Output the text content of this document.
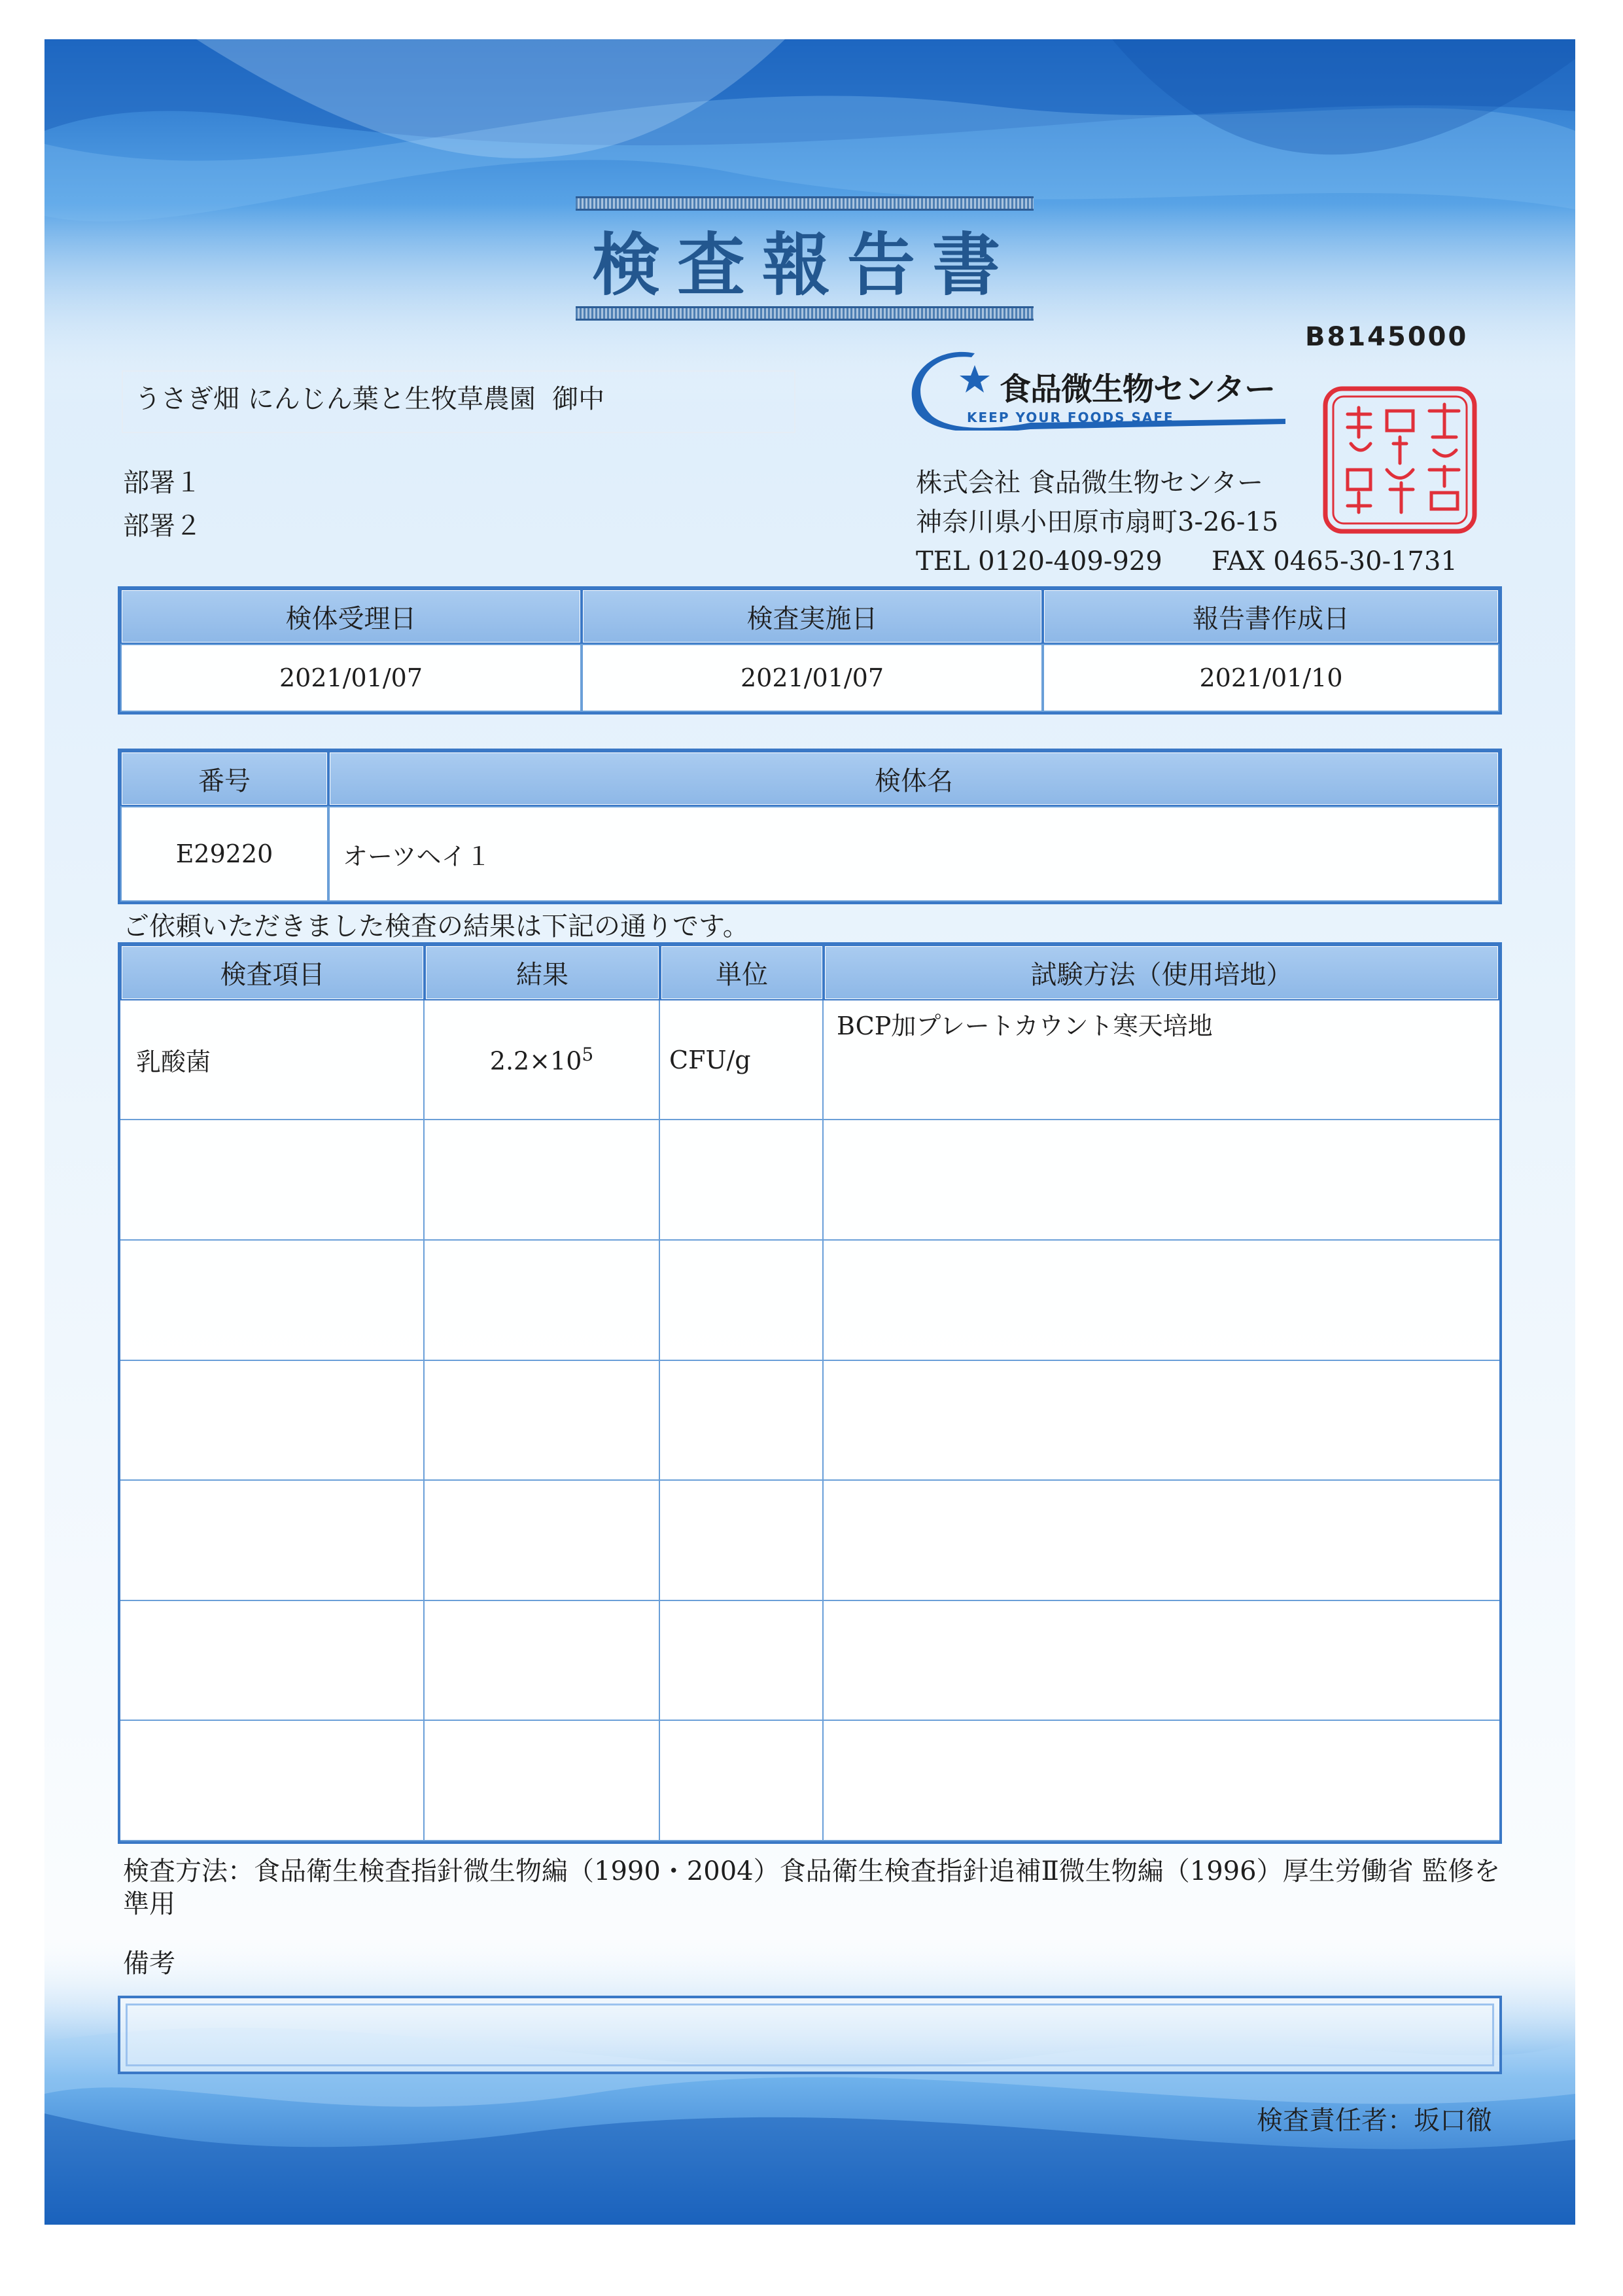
検査報告書
B8145000
うさぎ畑 にんじん葉と生牧草農園 御中
部署１
部署２
食品微生物センター
KEEP YOUR FOODS SAFE
株式会社 食品微生物センター
神奈川県小田原市扇町3-26-15
TEL 0120-409-929 FAX 0465-30-1731
検体受理日	検査実施日	報告書作成日
2021/01/07	2021/01/07	2021/01/10
番号	検体名
E29220	オーツヘイ１
ご依頼いただきました検査の結果は下記の通りです。
検査項目	結果	単位	試験方法（使用培地）
乳酸菌	$2.2\times 10^5$	CFU/g	BCP加プレートカウント寒天培地

検査方法：食品衛生検査指針微生物編（1990・2004）食品衛生検査指針追補Ⅱ微生物編（1996）厚生労働省 監修を準用
備考
検査責任者：坂口徹
